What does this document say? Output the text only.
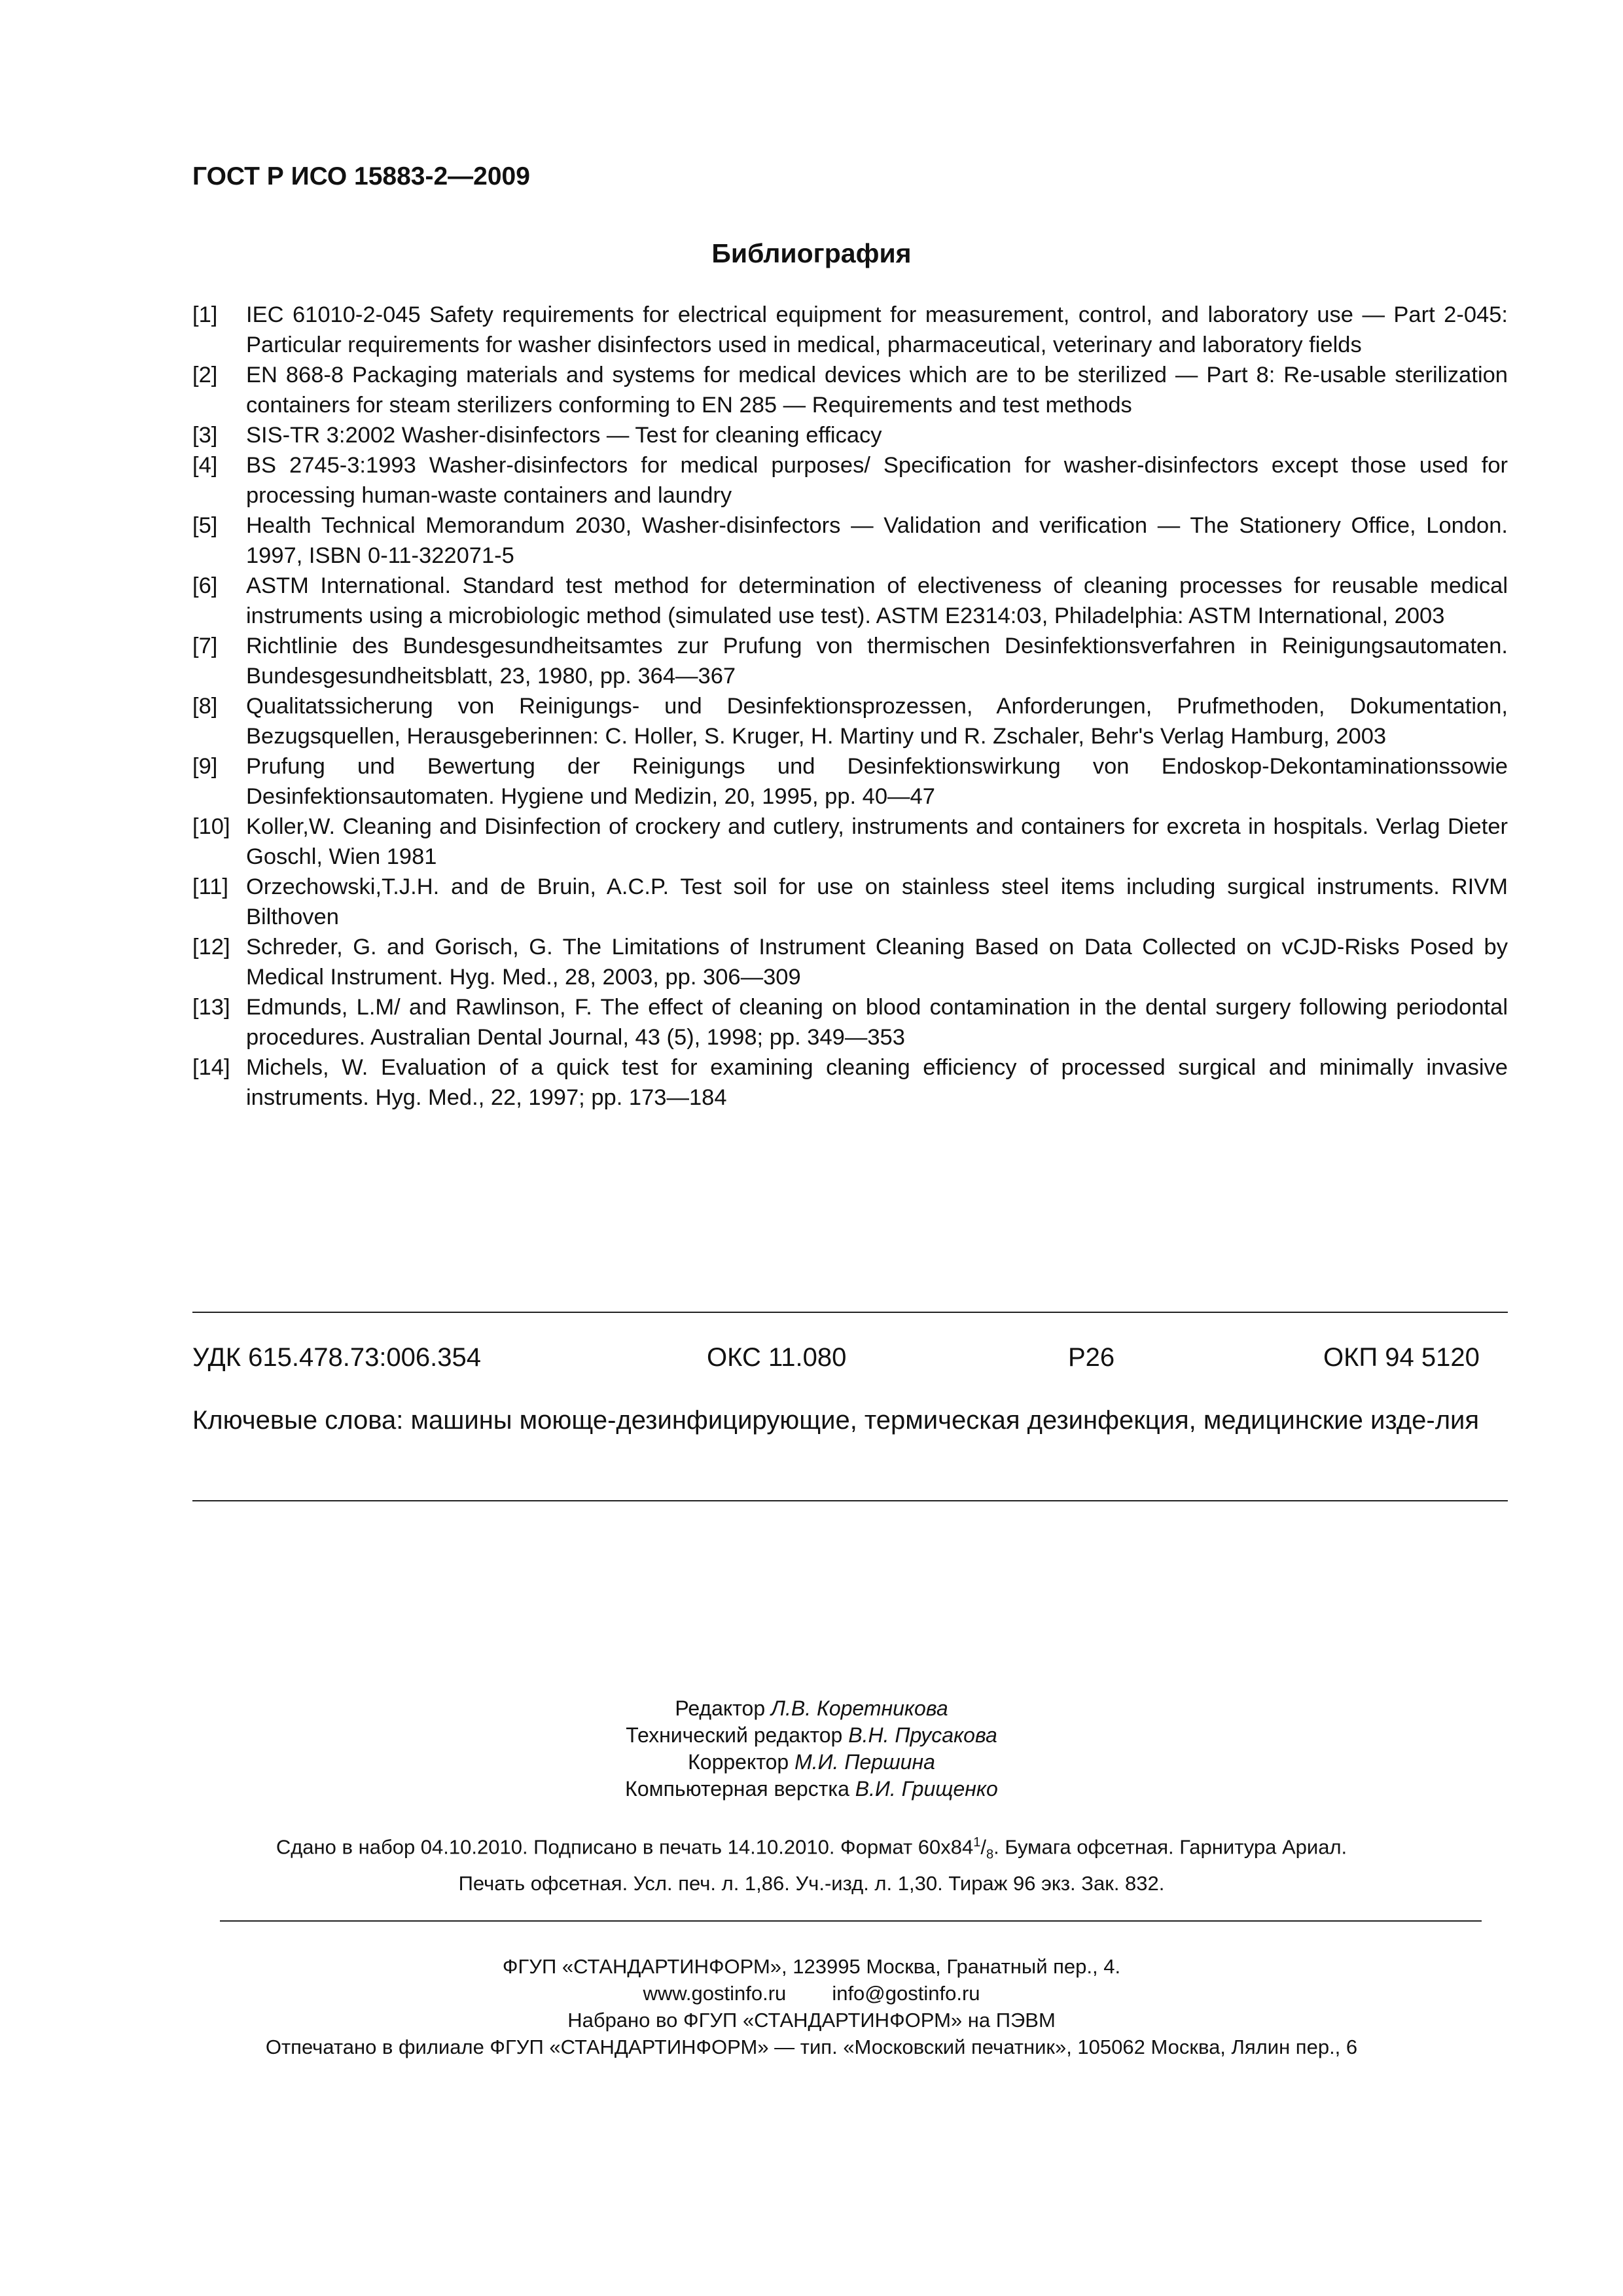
ГОСТ Р ИСО 15883-2—2009
Библиография
[1] IEC 61010-2-045 Safety requirements for electrical equipment for measurement, control, and laboratory use — Part 2-045: Particular requirements for washer disinfectors used in medical, pharmaceutical, veterinary and laboratory fields
[2] EN 868-8 Packaging materials and systems for medical devices which are to be sterilized — Part 8: Re-usable sterilization containers for steam sterilizers conforming to EN 285 — Requirements and test methods
[3] SIS-TR 3:2002 Washer-disinfectors — Test for cleaning efficacy
[4] BS 2745-3:1993 Washer-disinfectors for medical purposes/ Specification for washer-disinfectors except those used for processing human-waste containers and laundry
[5] Health Technical Memorandum 2030, Washer-disinfectors — Validation and verification — The Stationery Office, London. 1997, ISBN 0-11-322071-5
[6] ASTM International. Standard test method for determination of electiveness of cleaning processes for reusable medical instruments using a microbiologic method (simulated use test). ASTM E2314:03, Philadelphia: ASTM International, 2003
[7] Richtlinie des Bundesgesundheitsamtes zur Prufung von thermischen Desinfektionsverfahren in Reinigungsautomaten. Bundesgesundheitsblatt, 23, 1980, pp. 364—367
[8] Qualitatssicherung von Reinigungs- und Desinfektionsprozessen, Anforderungen, Prufmethoden, Dokumentation, Bezugsquellen, Herausgeberinnen: C. Holler, S. Kruger, H. Martiny und R. Zschaler, Behr's Verlag Hamburg, 2003
[9] Prufung und Bewertung der Reinigungs und Desinfektionswirkung von Endoskop-Dekontaminationssowie Desinfektionsautomaten. Hygiene und Medizin, 20, 1995, pp. 40—47
[10] Koller,W. Cleaning and Disinfection of crockery and cutlery, instruments and containers for excreta in hospitals. Verlag Dieter Goschl, Wien 1981
[11] Orzechowski,T.J.H. and de Bruin, A.C.P. Test soil for use on stainless steel items including surgical instruments. RIVM Bilthoven
[12] Schreder, G. and Gorisch, G. The Limitations of Instrument Cleaning Based on Data Collected on vCJD-Risks Posed by Medical Instrument. Hyg. Med., 28, 2003, pp. 306—309
[13] Edmunds, L.M/ and Rawlinson, F. The effect of cleaning on blood contamination in the dental surgery following periodontal procedures. Australian Dental Journal, 43 (5), 1998; pp. 349—353
[14] Michels, W. Evaluation of a quick test for examining cleaning efficiency of processed surgical and minimally invasive instruments. Hyg. Med., 22, 1997; pp. 173—184
УДК 615.478.73:006.354	ОКС 11.080	Р26	ОКП 94 5120
Ключевые слова: машины моюще-дезинфицирующие, термическая дезинфекция, медицинские изде-лия
Редактор Л.В. Коретникова
Технический редактор В.Н. Прусакова
Корректор М.И. Першина
Компьютерная верстка В.И. Грищенко
Сдано в набор 04.10.2010. Подписано в печать 14.10.2010. Формат $60x84^1/_8$. Бумага офсетная. Гарнитура Ариал.
Печать офсетная. Усл. печ. л. 1,86. Уч.-изд. л. 1,30. Тираж 96 экз. Зак. 832.
ФГУП «СТАНДАРТИНФОРМ», 123995 Москва, Гранатный пер., 4.
www.gostinfo.ru info@gostinfo.ru
Набрано во ФГУП «СТАНДАРТИНФОРМ» на ПЭВМ
Отпечатано в филиале ФГУП «СТАНДАРТИНФОРМ» — тип. «Московский печатник», 105062 Москва, Лялин пер., 6
